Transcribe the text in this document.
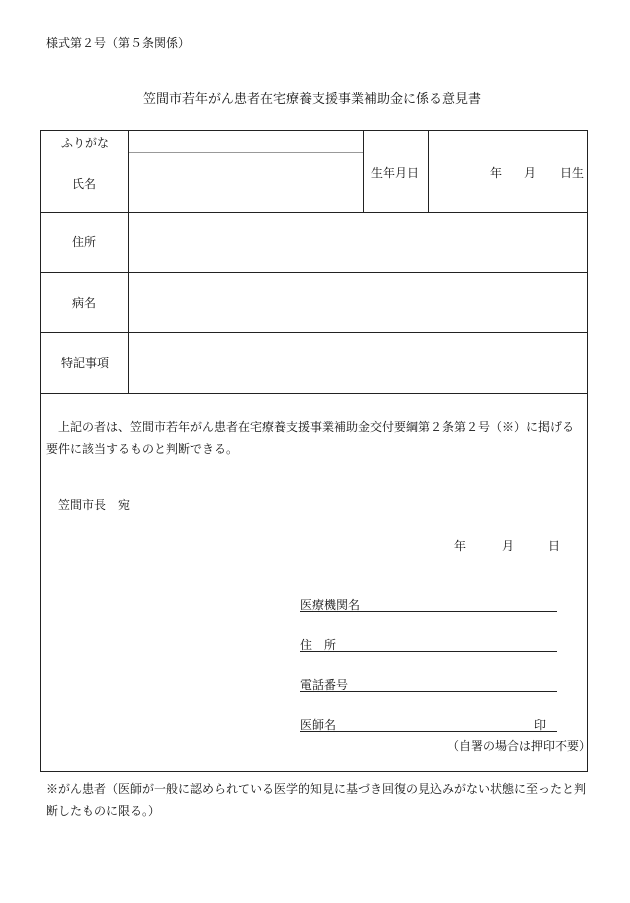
様式第２号（第５条関係）
笠間市若年がん患者在宅療養支援事業補助金に係る意見書
ふりがな
氏名
生年月日	年 月 日生
住所
病名
特記事項
上記の者は、笠間市若年がん患者在宅療養支援事業補助金交付要綱第２条第２号（※）に掲げる要件に該当するものと判断できる。
笠間市長　宛
年	月	日
医療機関名
住　所
電話番号
医師名	印
（自署の場合は押印不要）
※がん患者（医師が一般に認められている医学的知見に基づき回復の見込みがない状態に至ったと判断したものに限る。）
